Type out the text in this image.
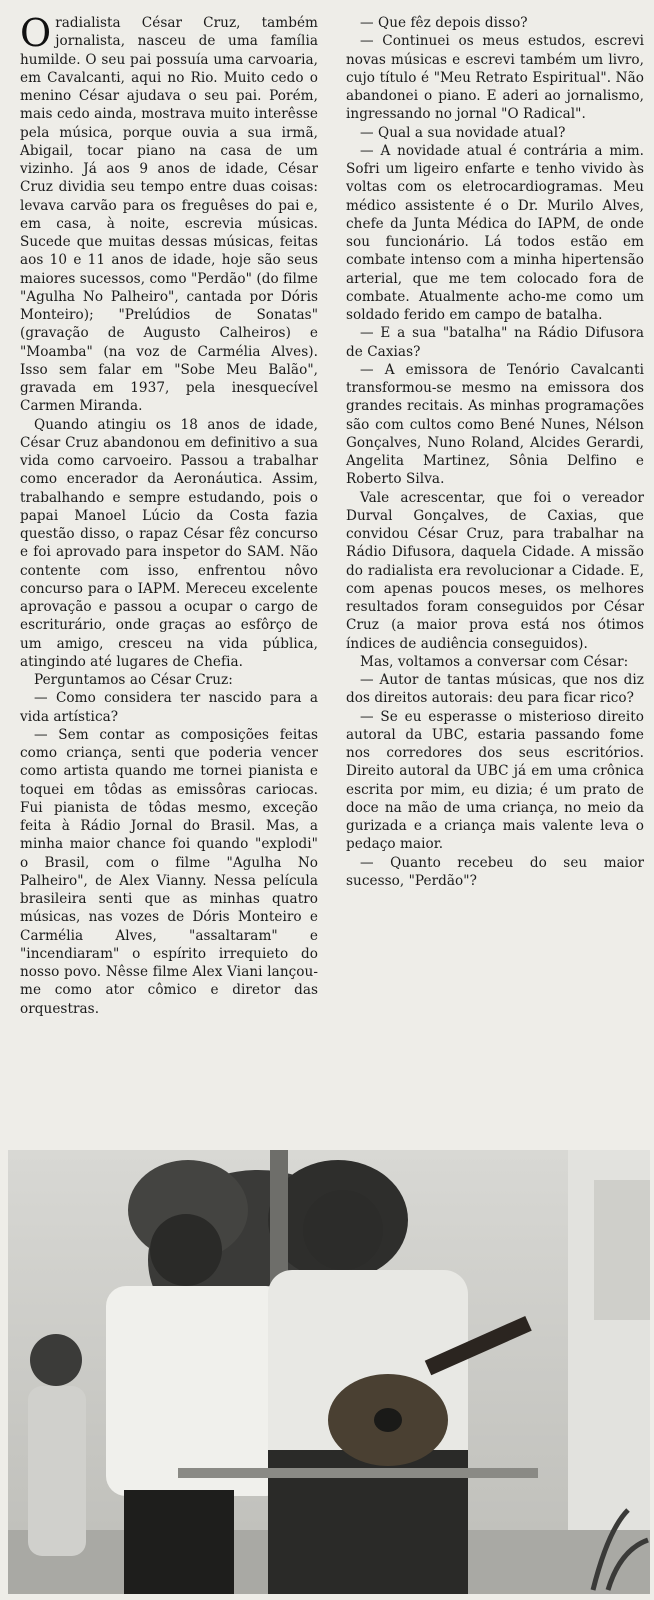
Oradialista César Cruz, também jornalista, nasceu de uma família humilde. O seu pai possuía uma carvoaria, em Cavalcanti, aqui no Rio. Muito cedo o menino César ajudava o seu pai. Porém, mais cedo ainda, mostrava muito interêsse pela música, porque ouvia a sua irmã, Abigail, tocar piano na casa de um vizinho. Já aos 9 anos de idade, César Cruz dividia seu tempo entre duas coisas: levava carvão para os freguêses do pai e, em casa, à noite, escrevia músicas. Sucede que muitas dessas músicas, feitas aos 10 e 11 anos de idade, hoje são seus maiores sucessos, como "Perdão" (do filme "Agulha No Palheiro", cantada por Dóris Monteiro); "Prelúdios de Sonatas" (gravação de Augusto Calheiros) e "Moamba" (na voz de Carmélia Alves). Isso sem falar em "Sobe Meu Balão", gravada em 1937, pela inesquecível Carmen Miranda.

Quando atingiu os 18 anos de idade, César Cruz abandonou em definitivo a sua vida como carvoeiro. Passou a trabalhar como encerador da Aeronáutica. Assim, trabalhando e sempre estudando, pois o papai Manoel Lúcio da Costa fazia questão disso, o rapaz César fêz concurso e foi aprovado para inspetor do SAM. Não contente com isso, enfrentou nôvo concurso para o IAPM. Mereceu excelente aprovação e passou a ocupar o cargo de escriturário, onde graças ao esfôrço de um amigo, cresceu na vida pública, atingindo até lugares de Chefia.

Perguntamos ao César Cruz:

— Como considera ter nascido para a vida artística?

— Sem contar as composições feitas como criança, senti que poderia vencer como artista quando me tornei pianista e toquei em tôdas as emissôras cariocas. Fui pianista de tôdas mesmo, exceção feita à Rádio Jornal do Brasil. Mas, a minha maior chance foi quando "explodi" o Brasil, com o filme "Agulha No Palheiro", de Alex Vianny. Nessa película brasileira senti que as minhas quatro músicas, nas vozes de Dóris Monteiro e Carmélia Alves, "assaltaram" e "incendiaram" o espírito irrequieto do nosso povo. Nêsse filme Alex Viani lançou-me como ator cômico e diretor das orquestras.

— Que fêz depois disso?

— Continuei os meus estudos, escrevi novas músicas e escrevi também um livro, cujo título é "Meu Retrato Espiritual". Não abandonei o piano. E aderi ao jornalismo, ingressando no jornal "O Radical".

— Qual a sua novidade atual?

— A novidade atual é contrária a mim. Sofri um ligeiro enfarte e tenho vivido às voltas com os eletrocardiogramas. Meu médico assistente é o Dr. Murilo Alves, chefe da Junta Médica do IAPM, de onde sou funcionário. Lá todos estão em combate intenso com a minha hipertensão arterial, que me tem colocado fora de combate. Atualmente acho-me como um soldado ferido em campo de batalha.

— E a sua "batalha" na Rádio Difusora de Caxias?

— A emissora de Tenório Cavalcanti transformou-se mesmo na emissora dos grandes recitais. As minhas programações são com cultos como Bené Nunes, Nélson Gonçalves, Nuno Roland, Alcides Gerardi, Angelita Martinez, Sônia Delfino e Roberto Silva.

Vale acrescentar, que foi o vereador Durval Gonçalves, de Caxias, que convidou César Cruz, para trabalhar na Rádio Difusora, daquela Cidade. A missão do radialista era revolucionar a Cidade. E, com apenas poucos meses, os melhores resultados foram conseguidos por César Cruz (a maior prova está nos ótimos índices de audiência conseguidos).

Mas, voltamos a conversar com César:

— Autor de tantas músicas, que nos diz dos direitos autorais: deu para ficar rico?

— Se eu esperasse o misterioso direito autoral da UBC, estaria passando fome nos corredores dos seus escritórios. Direito autoral da UBC já em uma crônica escrita por mim, eu dizia; é um prato de doce na mão de uma criança, no meio da gurizada e a criança mais valente leva o pedaço maior.

— Quanto recebeu do seu maior sucesso, "Perdão"?
